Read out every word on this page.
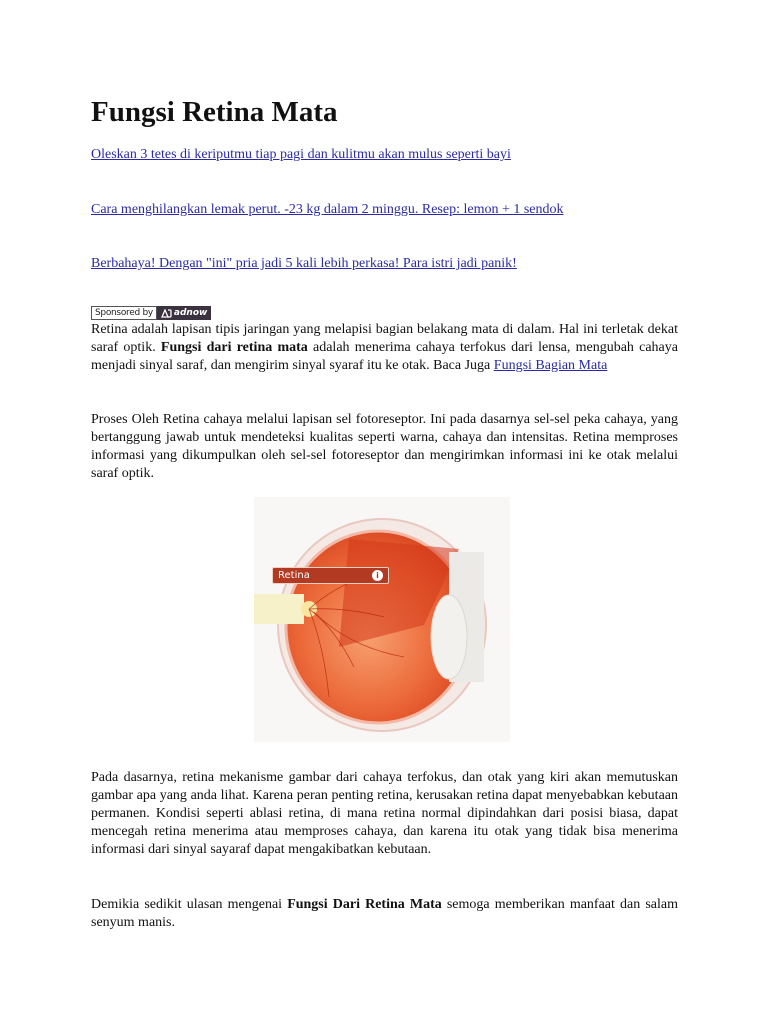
Fungsi Retina Mata
Oleskan 3 tetes di keriputmu tiap pagi dan kulitmu akan mulus seperti bayi
Cara menghilangkan lemak perut. -23 kg dalam 2 minggu. Resep: lemon + 1 sendok
Berbahaya! Dengan "ini" pria jadi 5 kali lebih perkasa! Para istri jadi panik!
Sponsored by	adnow

Retina adalah lapisan tipis jaringan yang melapisi bagian belakang mata di dalam. Hal ini terletak dekat saraf optik. Fungsi dari retina mata adalah menerima cahaya terfokus dari lensa, mengubah cahaya menjadi sinyal saraf, dan mengirim sinyal syaraf itu ke otak. Baca Juga Fungsi Bagian Mata

Proses Oleh Retina cahaya melalui lapisan sel fotoreseptor. Ini pada dasarnya sel-sel peka cahaya, yang bertanggung jawab untuk mendeteksi kualitas seperti warna, cahaya dan intensitas. Retina memproses informasi yang dikumpulkan oleh sel-sel fotoreseptor dan mengirimkan informasi ini ke otak melalui saraf optik.

Pada dasarnya, retina mekanisme gambar dari cahaya terfokus, dan otak yang kiri akan memutuskan gambar apa yang anda lihat. Karena peran penting retina, kerusakan retina dapat menyebabkan kebutaan permanen. Kondisi seperti ablasi retina, di mana retina normal dipindahkan dari posisi biasa, dapat mencegah retina menerima atau memproses cahaya, dan karena itu otak yang tidak bisa menerima informasi dari sinyal sayaraf dapat mengakibatkan kebutaan.

Demikia sedikit ulasan mengenai Fungsi Dari Retina Mata semoga memberikan manfaat dan salam senyum manis.

Retina	i
